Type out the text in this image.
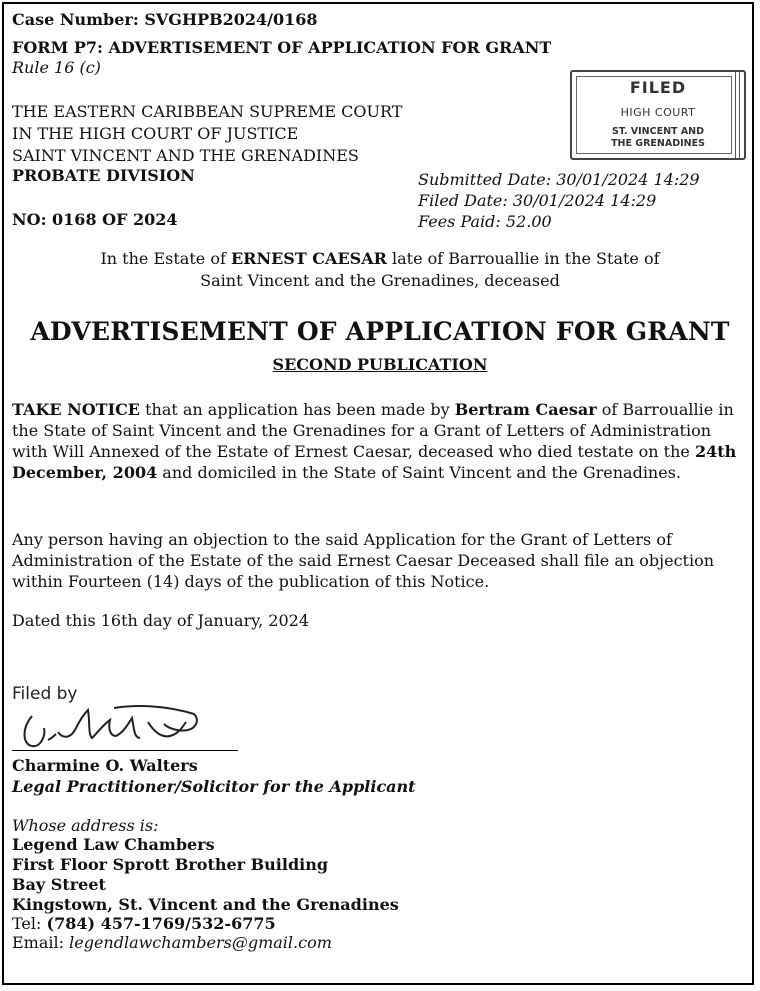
Case Number: SVGHPB2024/0168
FORM P7: ADVERTISEMENT OF APPLICATION FOR GRANT
Rule 16 (c)
THE EASTERN CARIBBEAN SUPREME COURT
IN THE HIGH COURT OF JUSTICE
SAINT VINCENT AND THE GRENADINES
PROBATE DIVISION
NO: 0168 OF 2024
FILED
HIGH COURT
ST. VINCENT AND
THE GRENADINES
Submitted Date: 30/01/2024 14:29
Filed Date: 30/01/2024 14:29
Fees Paid: 52.00
In the Estate of ERNEST CAESAR late of Barrouallie in the State of
Saint Vincent and the Grenadines, deceased
ADVERTISEMENT OF APPLICATION FOR GRANT
SECOND PUBLICATION
TAKE NOTICE that an application has been made by Bertram Caesar of Barrouallie in the State of Saint Vincent and the Grenadines for a Grant of Letters of Administration with Will Annexed of the Estate of Ernest Caesar, deceased who died testate on the 24th December, 2004 and domiciled in the State of Saint Vincent and the Grenadines.
Any person having an objection to the said Application for the Grant of Letters of Administration of the Estate of the said Ernest Caesar Deceased shall file an objection within Fourteen (14) days of the publication of this Notice.
Dated this 16th day of January, 2024
Filed by
Charmine O. Walters
Legal Practitioner/Solicitor for the Applicant
Whose address is:
Legend Law Chambers
First Floor Sprott Brother Building
Bay Street
Kingstown, St. Vincent and the Grenadines
Tel: (784) 457-1769/532-6775
Email: legendlawchambers@gmail.com
